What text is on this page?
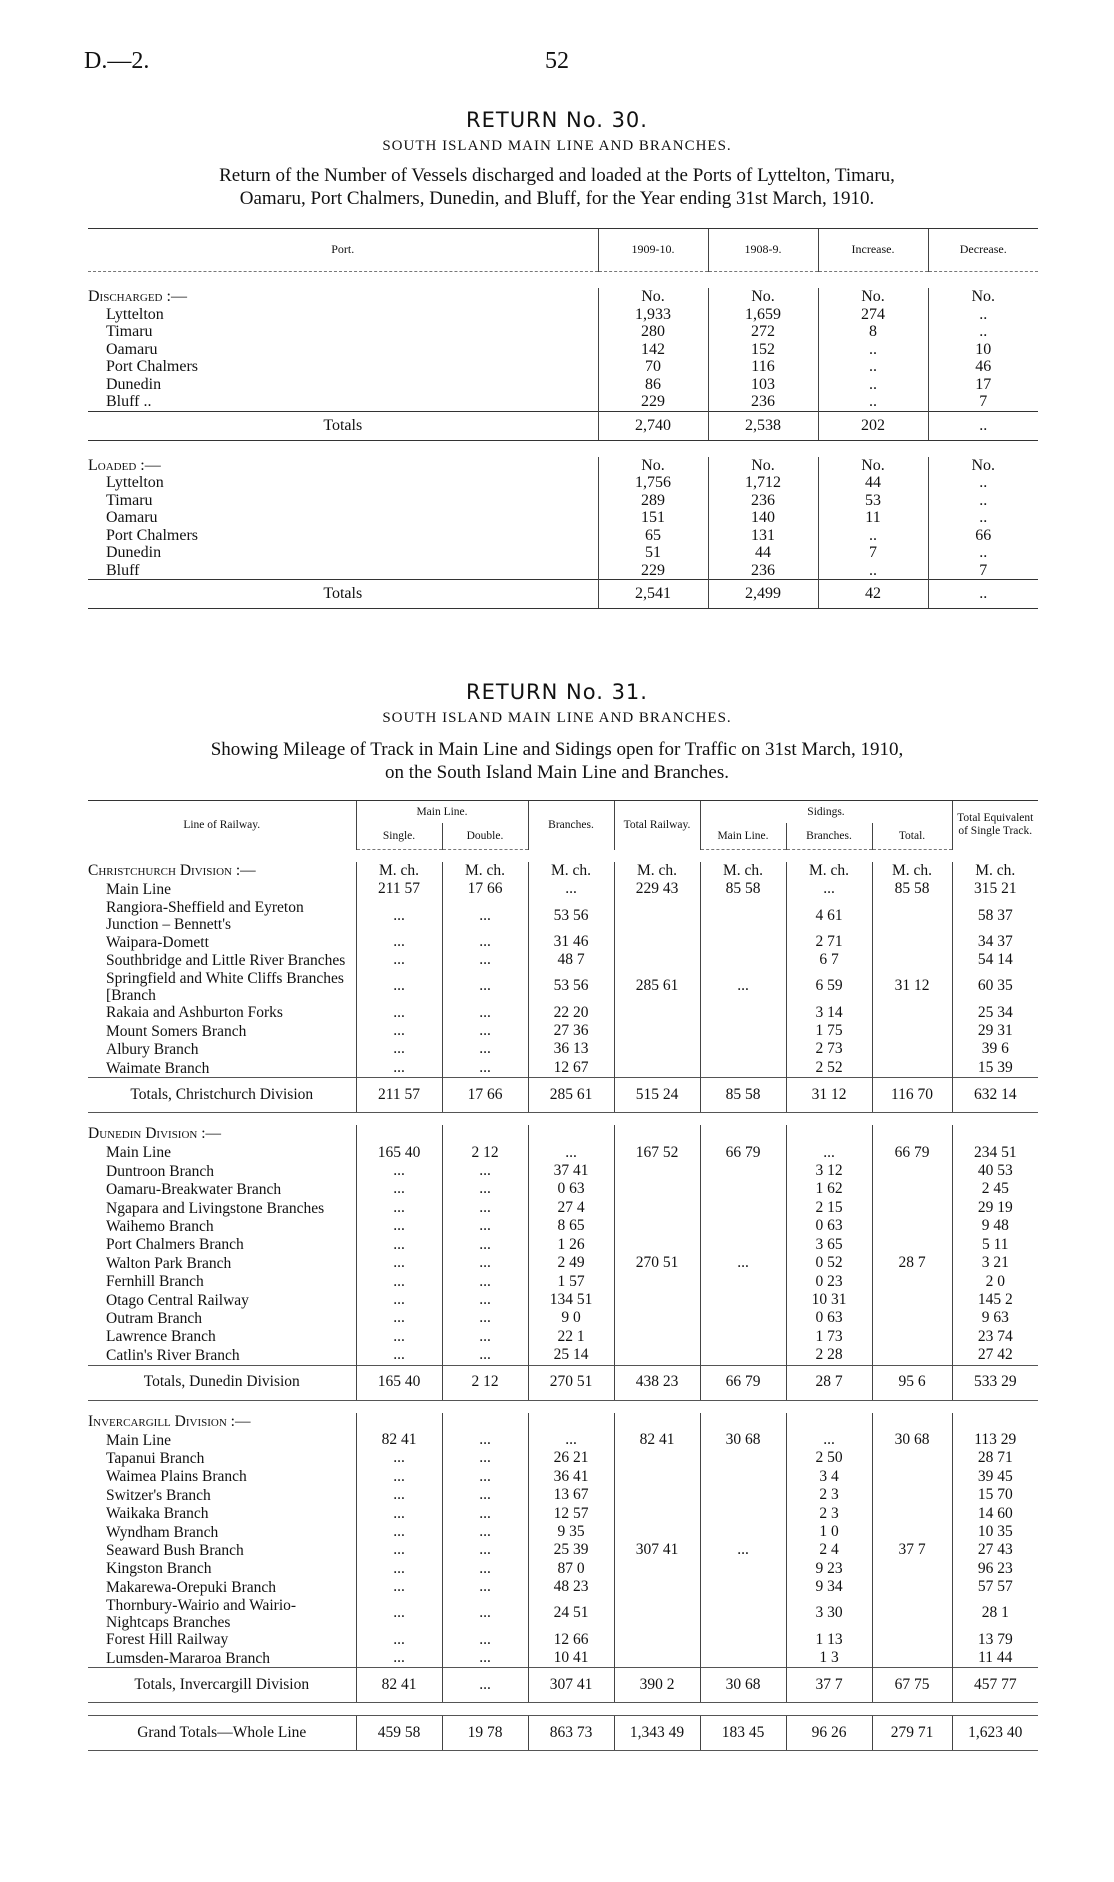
D.—2.	52
RETURN No. 30.
SOUTH ISLAND MAIN LINE AND BRANCHES.
Return of the Number of Vessels discharged and loaded at the Ports of Lyttelton, Timaru,
Oamaru, Port Chalmers, Dunedin, and Bluff, for the Year ending 31st March, 1910.
Port.	1909-10.	1908-9.	Increase.	Decrease.

Discharged :—	No.	No.	No.	No.
Lyttelton	1,933	1,659	274	..
Timaru	280	272	8	..
Oamaru	142	152	..	10
Port Chalmers	70	116	..	46
Dunedin	86	103	..	17
Bluff ..	229	236	..	7
Totals	2,740	2,538	202	..

Loaded :—	No.	No.	No.	No.
Lyttelton	1,756	1,712	44	..
Timaru	289	236	53	..
Oamaru	151	140	11	..
Port Chalmers	65	131	..	66
Dunedin	51	44	7	..
Bluff	229	236	..	7
Totals	2,541	2,499	42	..
RETURN No. 31.
SOUTH ISLAND MAIN LINE AND BRANCHES.
Showing Mileage of Track in Main Line and Sidings open for Traffic on 31st March, 1910,
on the South Island Main Line and Branches.
Line of Railway.	Main Line.		Branches.	Total Railway.	Sidings.			Total Equivalent of Single Track.
	Single.	Double.			Main Line.	Branches.	Total.	

Christchurch Division :—	M. ch.	M. ch.	M. ch.	M. ch.	M. ch.	M. ch.	M. ch.	M. ch.
Main Line	211 57	17 66	...	229 43	85 58	...	85 58	315 21
Rangiora-Sheffield and Eyreton Junction – Bennett's	...	...	53 56			4 61		58 37
Waipara-Domett	...	...	31 46			2 71		34 37
Southbridge and Little River Branches	...	...	48 7			6 7		54 14
Springfield and White Cliffs Branches [Branch	...	...	53 56	285 61	...	6 59	31 12	60 35
Rakaia and Ashburton Forks	...	...	22 20			3 14		25 34
Mount Somers Branch	...	...	27 36			1 75		29 31
Albury Branch	...	...	36 13			2 73		39 6
Waimate Branch	...	...	12 67			2 52		15 39
Totals, Christchurch Division	211 57	17 66	285 61	515 24	85 58	31 12	116 70	632 14

Dunedin Division :—								
Main Line	165 40	2 12	...	167 52	66 79	...	66 79	234 51
Duntroon Branch	...	...	37 41			3 12		40 53
Oamaru-Breakwater Branch	...	...	0 63			1 62		2 45
Ngapara and Livingstone Branches	...	...	27 4			2 15		29 19
Waihemo Branch	...	...	8 65			0 63		9 48
Port Chalmers Branch	...	...	1 26			3 65		5 11
Walton Park Branch	...	...	2 49	270 51	...	0 52	28 7	3 21
Fernhill Branch	...	...	1 57			0 23		2 0
Otago Central Railway	...	...	134 51			10 31		145 2
Outram Branch	...	...	9 0			0 63		9 63
Lawrence Branch	...	...	22 1			1 73		23 74
Catlin's River Branch	...	...	25 14			2 28		27 42
Totals, Dunedin Division	165 40	2 12	270 51	438 23	66 79	28 7	95 6	533 29

Invercargill Division :—								
Main Line	82 41	...	...	82 41	30 68	...	30 68	113 29
Tapanui Branch	...	...	26 21			2 50		28 71
Waimea Plains Branch	...	...	36 41			3 4		39 45
Switzer's Branch	...	...	13 67			2 3		15 70
Waikaka Branch	...	...	12 57			2 3		14 60
Wyndham Branch	...	...	9 35			1 0		10 35
Seaward Bush Branch	...	...	25 39	307 41	...	2 4	37 7	27 43
Kingston Branch	...	...	87 0			9 23		96 23
Makarewa-Orepuki Branch	...	...	48 23			9 34		57 57
Thornbury-Wairio and Wairio-Nightcaps Branches	...	...	24 51			3 30		28 1
Forest Hill Railway	...	...	12 66			1 13		13 79
Lumsden-Mararoa Branch	...	...	10 41			1 3		11 44
Totals, Invercargill Division	82 41	...	307 41	390 2	30 68	37 7	67 75	457 77

Grand Totals—Whole Line	459 58	19 78	863 73	1,343 49	183 45	96 26	279 71	1,623 40
